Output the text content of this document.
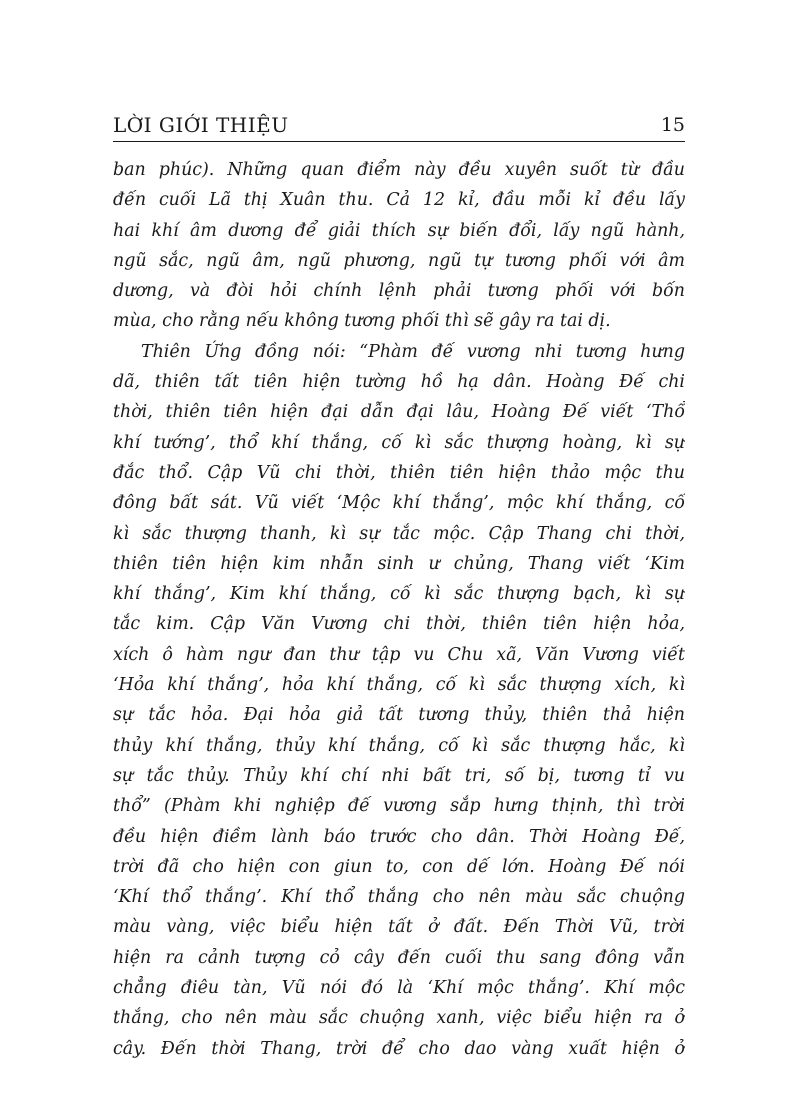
LỜI GIỚI THIỆU	15
ban phúc). Những quan điểm này đều xuyên suốt từ đầu
đến cuối Lã thị Xuân thu. Cả 12 kỉ, đầu mỗi kỉ đều lấy
hai khí âm dương để giải thích sự biến đổi, lấy ngũ hành,
ngũ sắc, ngũ âm, ngũ phương, ngũ tự tương phối với âm
dương, và đòi hỏi chính lệnh phải tương phối với bốn
mùa, cho rằng nếu không tương phối thì sẽ gây ra tai dị.
Thiên Ứng đồng nói: “Phàm đế vương nhi tương hưng
dã, thiên tất tiên hiện tường hồ hạ dân. Hoàng Đế chi
thời, thiên tiên hiện đại dẫn đại lâu, Hoàng Đế viết ‘Thổ
khí tướng’, thổ khí thắng, cố kì sắc thượng hoàng, kì sự
đắc thổ. Cập Vũ chi thời, thiên tiên hiện thảo mộc thu
đông bất sát. Vũ viết ‘Mộc khí thắng’, mộc khí thắng, cố
kì sắc thượng thanh, kì sự tắc mộc. Cập Thang chi thời,
thiên tiên hiện kim nhẫn sinh ư chủng, Thang viết ‘Kim
khí thắng’, Kim khí thắng, cố kì sắc thượng bạch, kì sự
tắc kim. Cập Văn Vương chi thời, thiên tiên hiện hỏa,
xích ô hàm ngư đan thư tập vu Chu xã, Văn Vương viết
‘Hỏa khí thắng’, hỏa khí thắng, cố kì sắc thượng xích, kì
sự tắc hỏa. Đại hỏa giả tất tương thủy, thiên thả hiện
thủy khí thắng, thủy khí thắng, cố kì sắc thượng hắc, kì
sự tắc thủy. Thủy khí chí nhi bất tri, số bị, tương tỉ vu
thổ” (Phàm khi nghiệp đế vương sắp hưng thịnh, thì trời
đều hiện điềm lành báo trước cho dân. Thời Hoàng Đế,
trời đã cho hiện con giun to, con dế lớn. Hoàng Đế nói
‘Khí thổ thắng’. Khí thổ thắng cho nên màu sắc chuộng
màu vàng, việc biểu hiện tất ở đất. Đến Thời Vũ, trời
hiện ra cảnh tượng cỏ cây đến cuối thu sang đông vẫn
chẳng điêu tàn, Vũ nói đó là ‘Khí mộc thắng’. Khí mộc
thắng, cho nên màu sắc chuộng xanh, việc biểu hiện ra ở
cây. Đến thời Thang, trời để cho dao vàng xuất hiện ở
